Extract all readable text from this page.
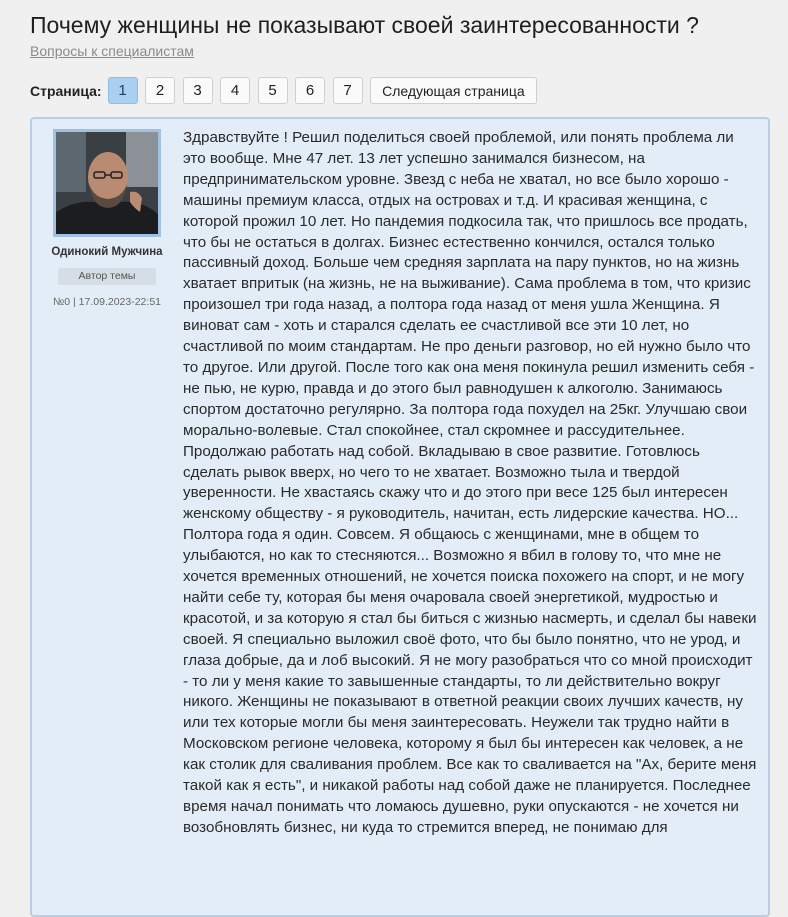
Почему женщины не показывают своей заинтересованности ?
Вопросы к специалистам
Страница:	1	2	3	4	5	6	7	Следующая страница
Одинокий Мужчина
Автор темы
№0 | 17.09.2023-22:51
Здравствуйте ! Решил поделиться своей проблемой, или понять проблема ли это вообще. Мне 47 лет. 13 лет успешно занимался бизнесом, на предпринимательском уровне. Звезд с неба не хватал, но все было хорошо - машины премиум класса, отдых на островах и т.д. И красивая женщина, с которой прожил 10 лет. Но пандемия подкосила так, что пришлось все продать, что бы не остаться в долгах. Бизнес естественно кончился, остался только пассивный доход. Больше чем средняя зарплата на пару пунктов, но на жизнь хватает впритык (на жизнь, не на выживание). Сама проблема в том, что кризис произошел три года назад, а полтора года назад от меня ушла Женщина. Я виноват сам - хоть и старался сделать ее счастливой все эти 10 лет, но счастливой по моим стандартам. Не про деньги разговор, но ей нужно было что то другое. Или другой. После того как она меня покинула решил изменить себя - не пью, не курю, правда и до этого был равнодушен к алкоголю. Занимаюсь спортом достаточно регулярно. За полтора года похудел на 25кг. Улучшаю свои морально-волевые. Стал спокойнее, стал скромнее и рассудительнее. Продолжаю работать над собой. Вкладываю в свое развитие. Готовлюсь сделать рывок вверх, но чего то не хватает. Возможно тыла и твердой уверенности. Не хвастаясь скажу что и до этого при весе 125 был интересен женскому обществу - я руководитель, начитан, есть лидерские качества. НО... Полтора года я один. Совсем. Я общаюсь с женщинами, мне в общем то улыбаются, но как то стесняются... Возможно я вбил в голову то, что мне не хочется временных отношений, не хочется поиска похожего на спорт, и не могу найти себе ту, которая бы меня очаровала своей энергетикой, мудростью и красотой, и за которую я стал бы биться с жизнью насмерть, и сделал бы навеки своей. Я специально выложил своё фото, что бы было понятно, что не урод, и глаза добрые, да и лоб высокий. Я не могу разобраться что со мной происходит - то ли у меня какие то завышенные стандарты, то ли действительно вокруг никого. Женщины не показывают в ответной реакции своих лучших качеств, ну или тех которые могли бы меня заинтересовать. Неужели так трудно найти в Московском регионе человека, которому я был бы интересен как человек, а не как столик для сваливания проблем. Все как то сваливается на "Ах, берите меня такой как я есть", и никакой работы над собой даже не планируется. Последнее время начал понимать что ломаюсь душевно, руки опускаются - не хочется ни возобновлять бизнес, ни куда то стремится вперед, не понимаю для
